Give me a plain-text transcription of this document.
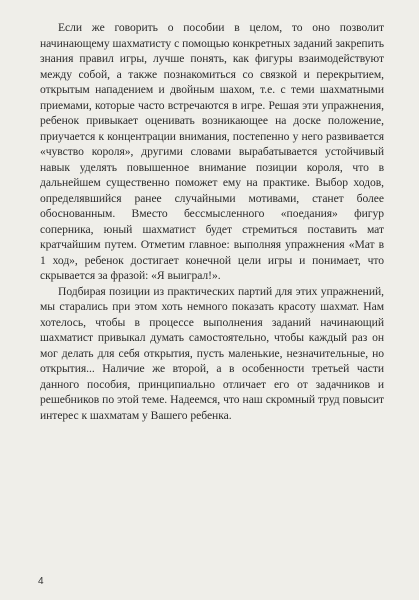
Если же говорить о пособии в целом, то оно позволит начинающему шахматисту с помощью конкретных заданий закрепить знания правил игры, лучше понять, как фигуры взаимодействуют между собой, а также познакомиться со связкой и перекрытием, открытым нападением и двойным шахом, т.е. с теми шахматными приемами, которые часто встречаются в игре. Решая эти упражнения, ребенок привыкает оценивать возникающее на доске положение, приучается к концентрации внимания, постепенно у него развивается «чувство короля», другими словами вырабатывается устойчивый навык уделять повышенное внимание позиции короля, что в дальнейшем существенно поможет ему на практике. Выбор ходов, определявшийся ранее случайными мотивами, станет более обоснованным. Вместо бессмысленного «поедания» фигур соперника, юный шахматист будет стремиться поставить мат кратчайшим путем. Отметим главное: выполняя упражнения «Мат в 1 ход», ребенок достигает конечной цели игры и понимает, что скрывается за фразой: «Я выиграл!».

Подбирая позиции из практических партий для этих упражнений, мы старались при этом хоть немного показать красоту шахмат. Нам хотелось, чтобы в процессе выполнения заданий начинающий шахматист привыкал думать самостоятельно, чтобы каждый раз он мог делать для себя открытия, пусть маленькие, незначительные, но открытия... Наличие же второй, а в особенности третьей части данного пособия, принципиально отличает его от задачников и решебников по этой теме. Надеемся, что наш скромный труд повысит интерес к шахматам у Вашего ребенка.

4
